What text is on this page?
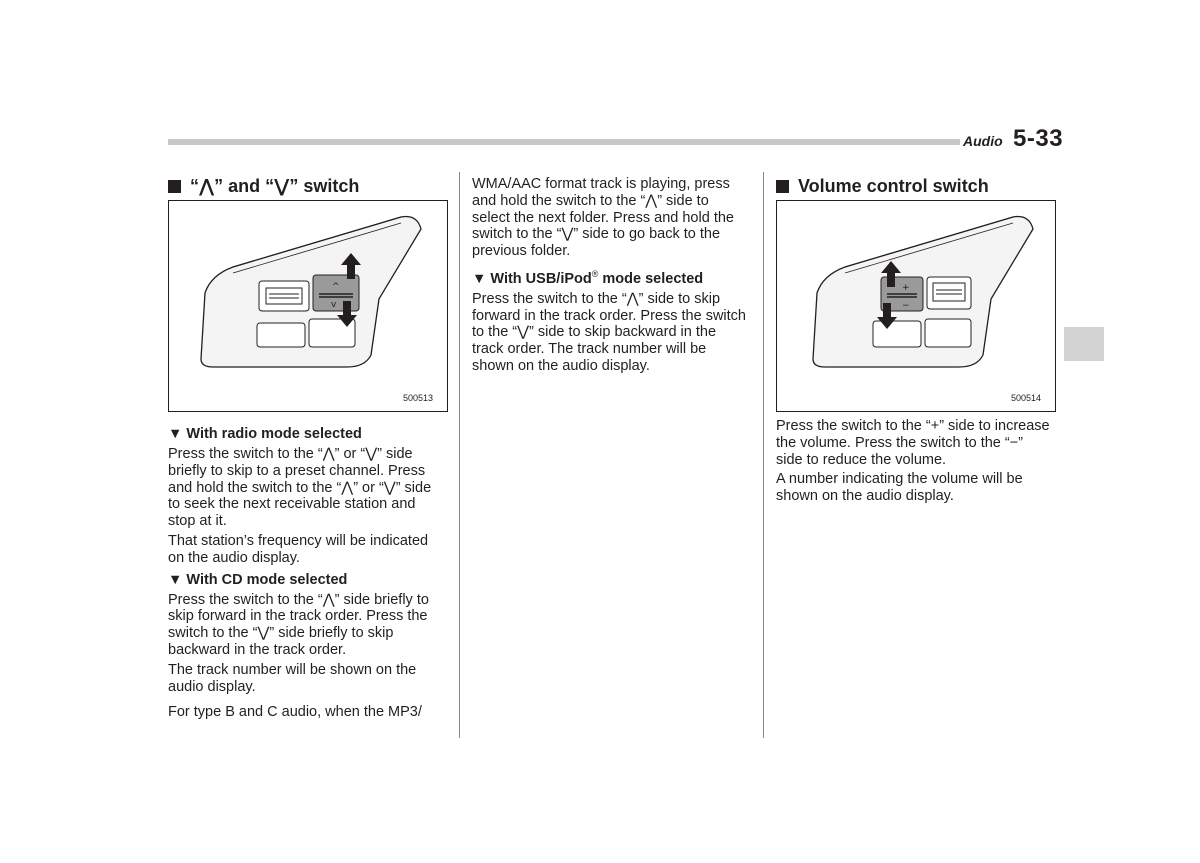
Audio 5-33
“⋀” and “⋁” switch
^
v
500513
▼ With radio mode selected

Press the switch to the “⋀” or “⋁” side

briefly to skip to a preset channel. Press

and hold the switch to the “⋀” or “⋁” side

to seek the next receivable station and

stop at it.

That station’s frequency will be indicated

on the audio display.

▼ With CD mode selected

Press the switch to the “⋀” side briefly to

skip forward in the track order. Press the

switch to the “⋁” side briefly to skip

backward in the track order.

The track number will be shown on the

audio display.

For type B and C audio, when the MP3/

WMA/AAC format track is playing, press

and hold the switch to the “⋀” side to

select the next folder. Press and hold the

switch to the “⋁” side to go back to the

previous folder.

▼ With USB/iPod® mode selected

Press the switch to the “⋀” side to skip

forward in the track order. Press the switch

to the “⋁” side to skip backward in the

track order. The track number will be

shown on the audio display.

Volume control switch
+
−
500514

Press the switch to the “+” side to increase

the volume. Press the switch to the “−”

side to reduce the volume.

A number indicating the volume will be

shown on the audio display.
